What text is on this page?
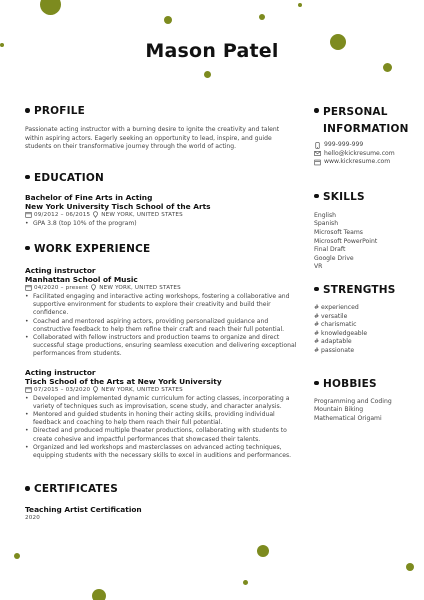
Mason Patel
PROFILE
Passionate acting instructor with a burning desire to ignite the creativity and talent within aspiring actors. Eagerly seeking an opportunity to lead, inspire, and guide students on their transformative journey through the world of acting.
EDUCATION
Bachelor of Fine Arts in Acting
New York University Tisch School of the Arts
09/2012 – 06/2015 NEW YORK, UNITED STATES
• GPA 3.8 (top 10% of the program)
WORK EXPERIENCE
Acting instructor
Manhattan School of Music
04/2020 – present NEW YORK, UNITED STATES
• Facilitated engaging and interactive acting workshops, fostering a collaborative and supportive environment for students to explore their creativity and build their confidence.
• Coached and mentored aspiring actors, providing personalized guidance and constructive feedback to help them refine their craft and reach their full potential.
• Collaborated with fellow instructors and production teams to organize and direct successful stage productions, ensuring seamless execution and delivering exceptional performances from students.
Acting instructor
Tisch School of the Arts at New York University
07/2015 – 03/2020 NEW YORK, UNITED STATES
• Developed and implemented dynamic curriculum for acting classes, incorporating a variety of techniques such as improvisation, scene study, and character analysis.
• Mentored and guided students in honing their acting skills, providing individual feedback and coaching to help them reach their full potential.
• Directed and produced multiple theater productions, collaborating with students to create cohesive and impactful performances that showcased their talents.
• Organized and led workshops and masterclasses on advanced acting techniques, equipping students with the necessary skills to excel in auditions and performances.
CERTIFICATES
Teaching Artist Certification
2020
PERSONAL
INFORMATION
999-999-999
hello@kickresume.com
www.kickresume.com
SKILLS
English
Spanish
Microsoft Teams
Microsoft PowerPoint
Final Draft
Google Drive
VR
STRENGTHS
# experienced
# versatile
# charismatic
# knowledgeable
# adaptable
# passionate
HOBBIES
Programming and Coding
Mountain Biking
Mathematical Origami
